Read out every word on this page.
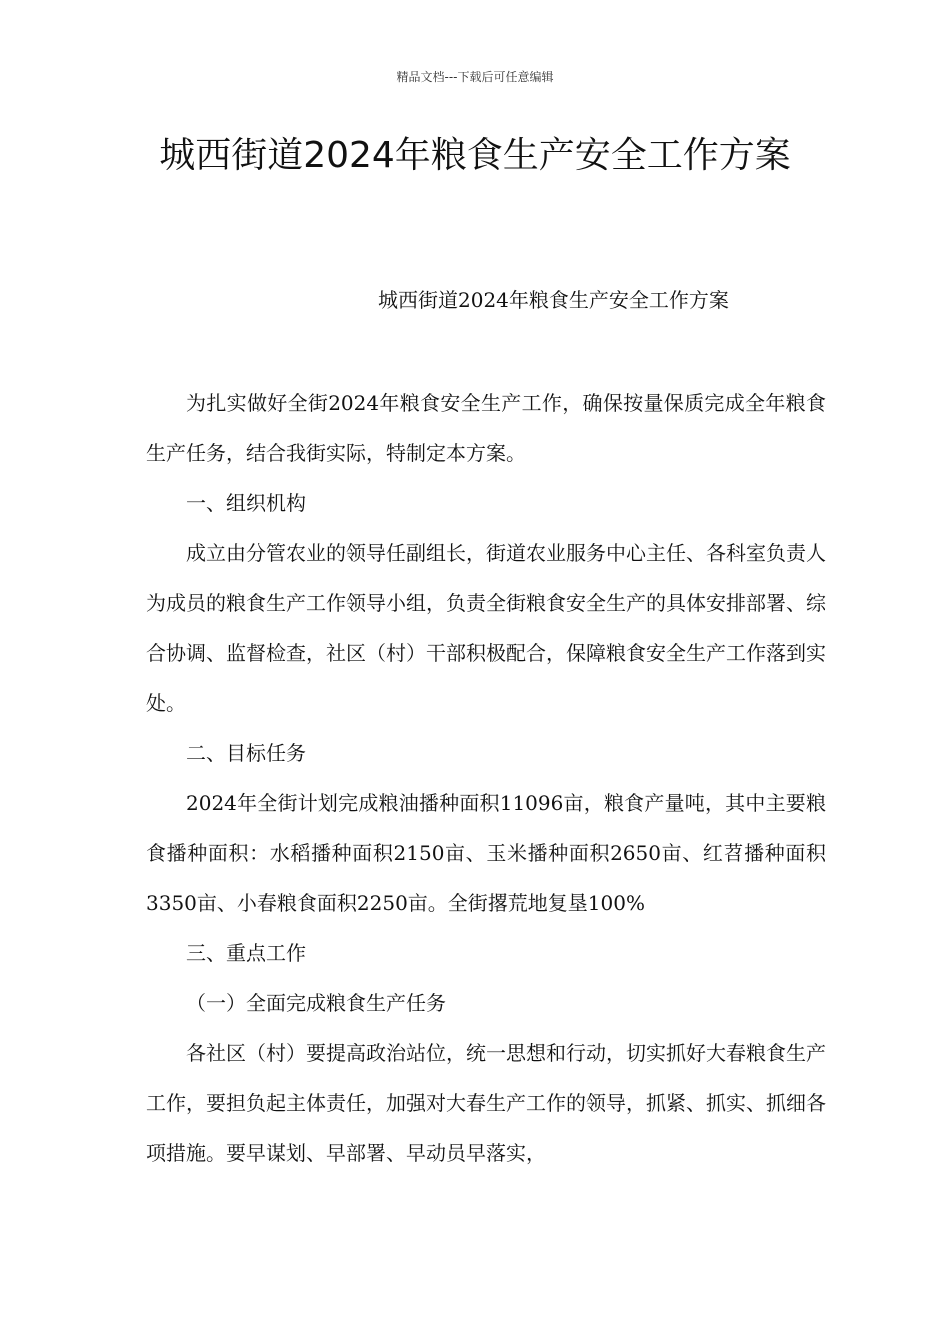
精品文档---下载后可任意编辑
城西街道2024年粮食生产安全工作方案
城西街道2024年粮食生产安全工作方案

为扎实做好全街2024年粮食安全生产工作，确保按量保质完成全年粮食生产任务，结合我街实际，特制定本方案。

一、组织机构

成立由分管农业的领导任副组长，街道农业服务中心主任、各科室负责人为成员的粮食生产工作领导小组，负责全街粮食安全生产的具体安排部署、综合协调、监督检查，社区（村）干部积极配合，保障粮食安全生产工作落到实处。

二、目标任务

2024年全街计划完成粮油播种面积11096亩，粮食产量吨，其中主要粮食播种面积：水稻播种面积2150亩、玉米播种面积2650亩、红苕播种面积3350亩、小春粮食面积2250亩。全街撂荒地复垦100%

三、重点工作

（一）全面完成粮食生产任务

各社区（村）要提高政治站位，统一思想和行动，切实抓好大春粮食生产工作，要担负起主体责任，加强对大春生产工作的领导，抓紧、抓实、抓细各项措施。要早谋划、早部署、早动员早落实，
